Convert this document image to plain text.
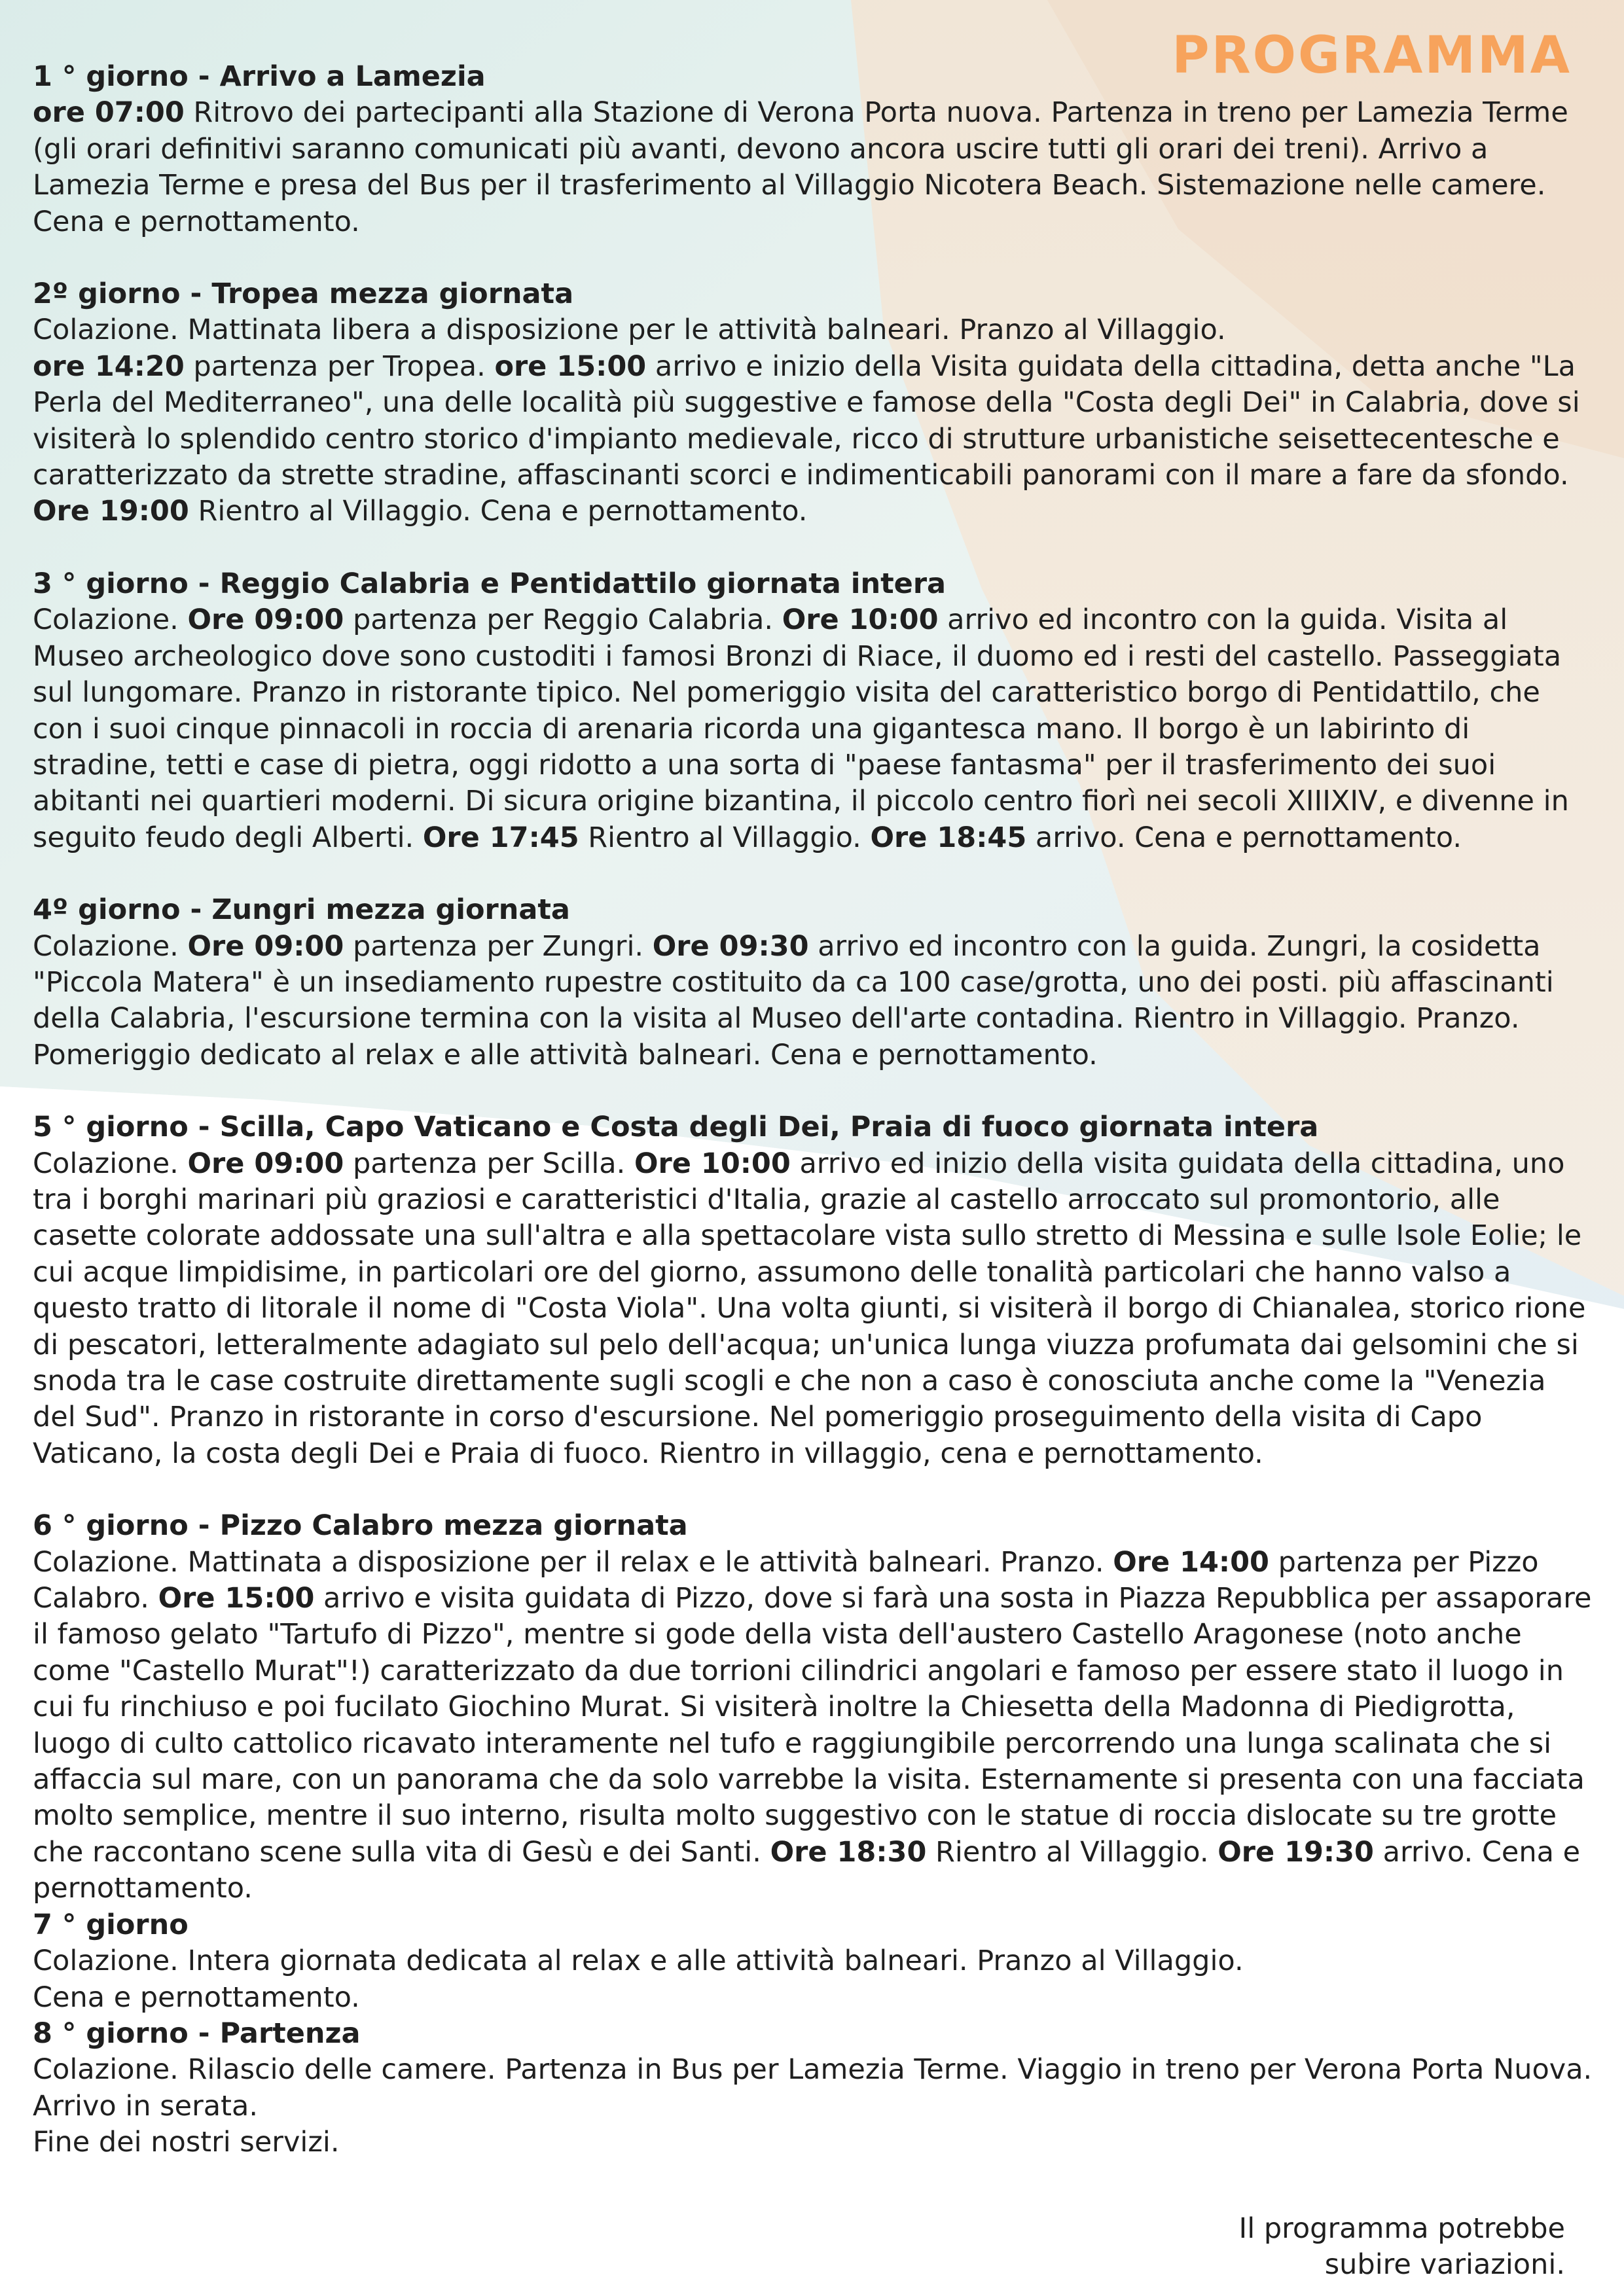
PROGRAMMA
1 ° giorno - Arrivo a Lamezia

ore 07:00 Ritrovo dei partecipanti alla Stazione di Verona Porta nuova. Partenza in treno per Lamezia Terme (gli orari definitivi saranno comunicati più avanti, devono ancora uscire tutti gli orari dei treni). Arrivo a Lamezia Terme e presa del Bus per il trasferimento al Villaggio Nicotera Beach. Sistemazione nelle camere. Cena e pernottamento.

2º giorno - Tropea mezza giornata

Colazione. Mattinata libera a disposizione per le attività balneari. Pranzo al Villaggio.

ore 14:20 partenza per Tropea. ore 15:00 arrivo e inizio della Visita guidata della cittadina, detta anche "La Perla del Mediterraneo", una delle località più suggestive e famose della "Costa degli Dei" in Calabria, dove si visiterà lo splendido centro storico d'impianto medievale, ricco di strutture urbanistiche seisettecentesche e caratterizzato da strette stradine, affascinanti scorci e indimenticabili panorami con il mare a fare da sfondo. Ore 19:00 Rientro al Villaggio. Cena e pernottamento.

3 ° giorno - Reggio Calabria e Pentidattilo giornata intera

Colazione. Ore 09:00 partenza per Reggio Calabria. Ore 10:00 arrivo ed incontro con la guida. Visita al Museo archeologico dove sono custoditi i famosi Bronzi di Riace, il duomo ed i resti del castello. Passeggiata sul lungomare. Pranzo in ristorante tipico. Nel pomeriggio visita del caratteristico borgo di Pentidattilo, che con i suoi cinque pinnacoli in roccia di arenaria ricorda una gigantesca mano. Il borgo è un labirinto di stradine, tetti e case di pietra, oggi ridotto a una sorta di "paese fantasma" per il trasferimento dei suoi abitanti nei quartieri moderni. Di sicura origine bizantina, il piccolo centro fiorì nei secoli XIIIXIV, e divenne in seguito feudo degli Alberti. Ore 17:45 Rientro al Villaggio. Ore 18:45 arrivo. Cena e pernottamento.

4º giorno - Zungri mezza giornata

Colazione. Ore 09:00 partenza per Zungri. Ore 09:30 arrivo ed incontro con la guida. Zungri, la cosidetta "Piccola Matera" è un insediamento rupestre costituito da ca 100 case/grotta, uno dei posti. più affascinanti della Calabria, l'escursione termina con la visita al Museo dell'arte contadina. Rientro in Villaggio. Pranzo. Pomeriggio dedicato al relax e alle attività balneari. Cena e pernottamento.

5 ° giorno - Scilla, Capo Vaticano e Costa degli Dei, Praia di fuoco giornata intera

Colazione. Ore 09:00 partenza per Scilla. Ore 10:00 arrivo ed inizio della visita guidata della cittadina, uno tra i borghi marinari più graziosi e caratteristici d'Italia, grazie al castello arroccato sul promontorio, alle casette colorate addossate una sull'altra e alla spettacolare vista sullo stretto di Messina e sulle Isole Eolie; le cui acque limpidisime, in particolari ore del giorno, assumono delle tonalità particolari che hanno valso a questo tratto di litorale il nome di "Costa Viola". Una volta giunti, si visiterà il borgo di Chianalea, storico rione di pescatori, letteralmente adagiato sul pelo dell'acqua; un'unica lunga viuzza profumata dai gelsomini che si snoda tra le case costruite direttamente sugli scogli e che non a caso è conosciuta anche come la "Venezia del Sud". Pranzo in ristorante in corso d'escursione. Nel pomeriggio proseguimento della visita di Capo Vaticano, la costa degli Dei e Praia di fuoco. Rientro in villaggio, cena e pernottamento.

6 ° giorno - Pizzo Calabro mezza giornata

Colazione. Mattinata a disposizione per il relax e le attività balneari. Pranzo. Ore 14:00 partenza per Pizzo Calabro. Ore 15:00 arrivo e visita guidata di Pizzo, dove si farà una sosta in Piazza Repubblica per assaporare il famoso gelato "Tartufo di Pizzo", mentre si gode della vista dell'austero Castello Aragonese (noto anche come "Castello Murat"!) caratterizzato da due torrioni cilindrici angolari e famoso per essere stato il luogo in cui fu rinchiuso e poi fucilato Giochino Murat. Si visiterà inoltre la Chiesetta della Madonna di Piedigrotta, luogo di culto cattolico ricavato interamente nel tufo e raggiungibile percorrendo una lunga scalinata che si affaccia sul mare, con un panorama che da solo varrebbe la visita. Esternamente si presenta con una facciata molto semplice, mentre il suo interno, risulta molto suggestivo con le statue di roccia dislocate su tre grotte che raccontano scene sulla vita di Gesù e dei Santi. Ore 18:30 Rientro al Villaggio. Ore 19:30 arrivo. Cena e pernottamento.

7 ° giorno

Colazione. Intera giornata dedicata al relax e alle attività balneari. Pranzo al Villaggio.

Cena e pernottamento.

8 ° giorno - Partenza

Colazione. Rilascio delle camere. Partenza in Bus per Lamezia Terme. Viaggio in treno per Verona Porta Nuova. Arrivo in serata.

Fine dei nostri servizi.

Il programma potrebbe
subire variazioni.
